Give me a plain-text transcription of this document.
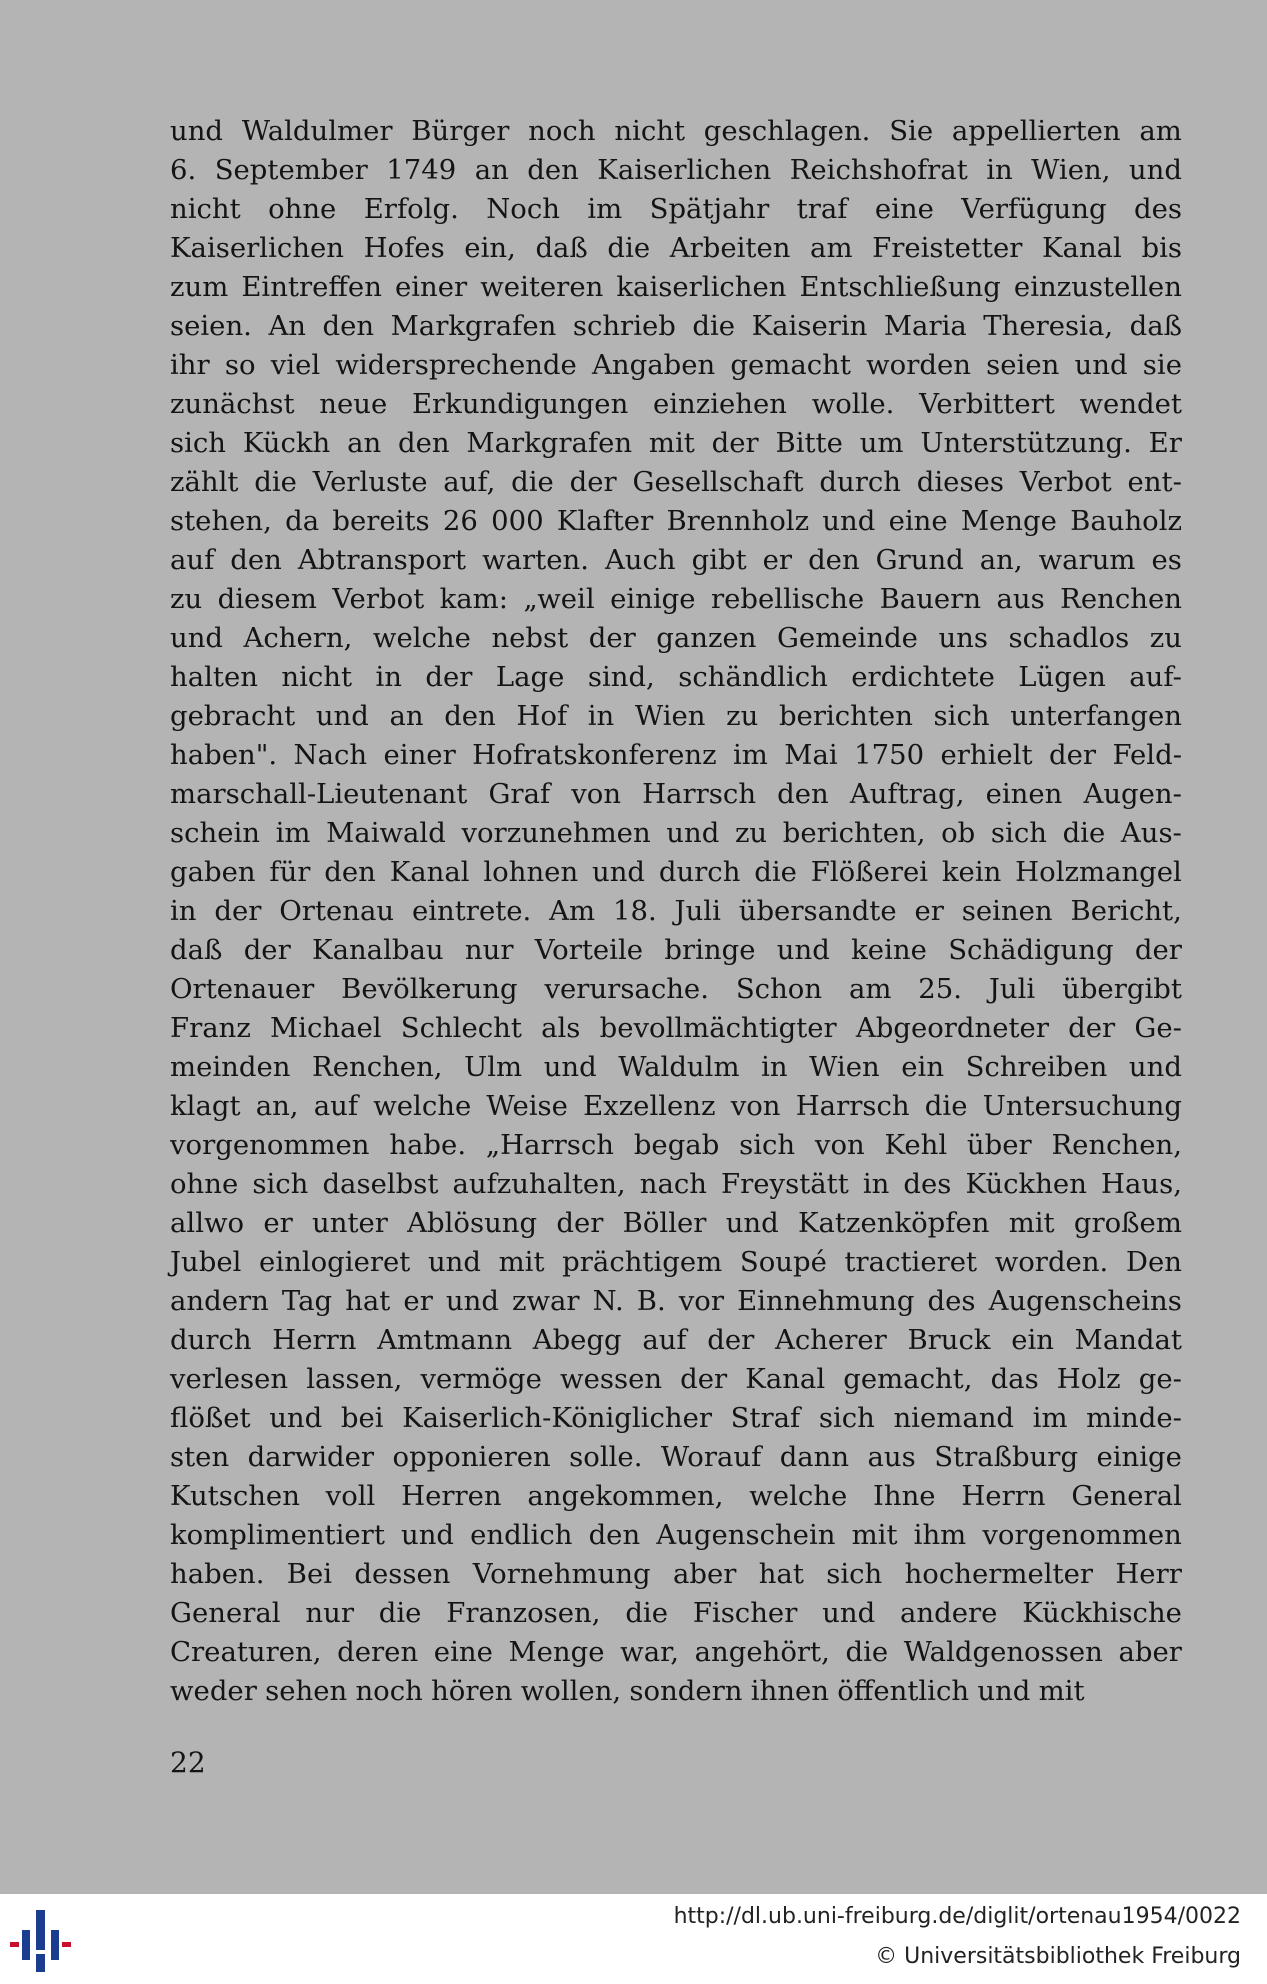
und Waldulmer Bürger noch nicht geschlagen. Sie appellierten am
6. September 1749 an den Kaiserlichen Reichshofrat in Wien, und
nicht ohne Erfolg. Noch im Spätjahr traf eine Verfügung des
Kaiserlichen Hofes ein, daß die Arbeiten am Freistetter Kanal bis
zum Eintreffen einer weiteren kaiserlichen Entschließung einzustellen
seien. An den Markgrafen schrieb die Kaiserin Maria Theresia, daß
ihr so viel widersprechende Angaben gemacht worden seien und sie
zunächst neue Erkundigungen einziehen wolle. Verbittert wendet
sich Kückh an den Markgrafen mit der Bitte um Unterstützung. Er
zählt die Verluste auf, die der Gesellschaft durch dieses Verbot ent-
stehen, da bereits 26 000 Klafter Brennholz und eine Menge Bauholz
auf den Abtransport warten. Auch gibt er den Grund an, warum es
zu diesem Verbot kam: „weil einige rebellische Bauern aus Renchen
und Achern, welche nebst der ganzen Gemeinde uns schadlos zu
halten nicht in der Lage sind, schändlich erdichtete Lügen auf-
gebracht und an den Hof in Wien zu berichten sich unterfangen
haben". Nach einer Hofratskonferenz im Mai 1750 erhielt der Feld-
marschall-Lieutenant Graf von Harrsch den Auftrag, einen Augen-
schein im Maiwald vorzunehmen und zu berichten, ob sich die Aus-
gaben für den Kanal lohnen und durch die Flößerei kein Holzmangel
in der Ortenau eintrete. Am 18. Juli übersandte er seinen Bericht,
daß der Kanalbau nur Vorteile bringe und keine Schädigung der
Ortenauer Bevölkerung verursache. Schon am 25. Juli übergibt
Franz Michael Schlecht als bevollmächtigter Abgeordneter der Ge-
meinden Renchen, Ulm und Waldulm in Wien ein Schreiben und
klagt an, auf welche Weise Exzellenz von Harrsch die Untersuchung
vorgenommen habe. „Harrsch begab sich von Kehl über Renchen,
ohne sich daselbst aufzuhalten, nach Freystätt in des Kückhen Haus,
allwo er unter Ablösung der Böller und Katzenköpfen mit großem
Jubel einlogieret und mit prächtigem Soupé tractieret worden. Den
andern Tag hat er und zwar N. B. vor Einnehmung des Augenscheins
durch Herrn Amtmann Abegg auf der Acherer Bruck ein Mandat
verlesen lassen, vermöge wessen der Kanal gemacht, das Holz ge-
flößet und bei Kaiserlich-Königlicher Straf sich niemand im minde-
sten darwider opponieren solle. Worauf dann aus Straßburg einige
Kutschen voll Herren angekommen, welche Ihne Herrn General
komplimentiert und endlich den Augenschein mit ihm vorgenommen
haben. Bei dessen Vornehmung aber hat sich hochermelter Herr
General nur die Franzosen, die Fischer und andere Kückhische
Creaturen, deren eine Menge war, angehört, die Waldgenossen aber
weder sehen noch hören wollen, sondern ihnen öffentlich und mit
22
http://dl.ub.uni-freiburg.de/diglit/ortenau1954/0022
© Universitätsbibliothek Freiburg
